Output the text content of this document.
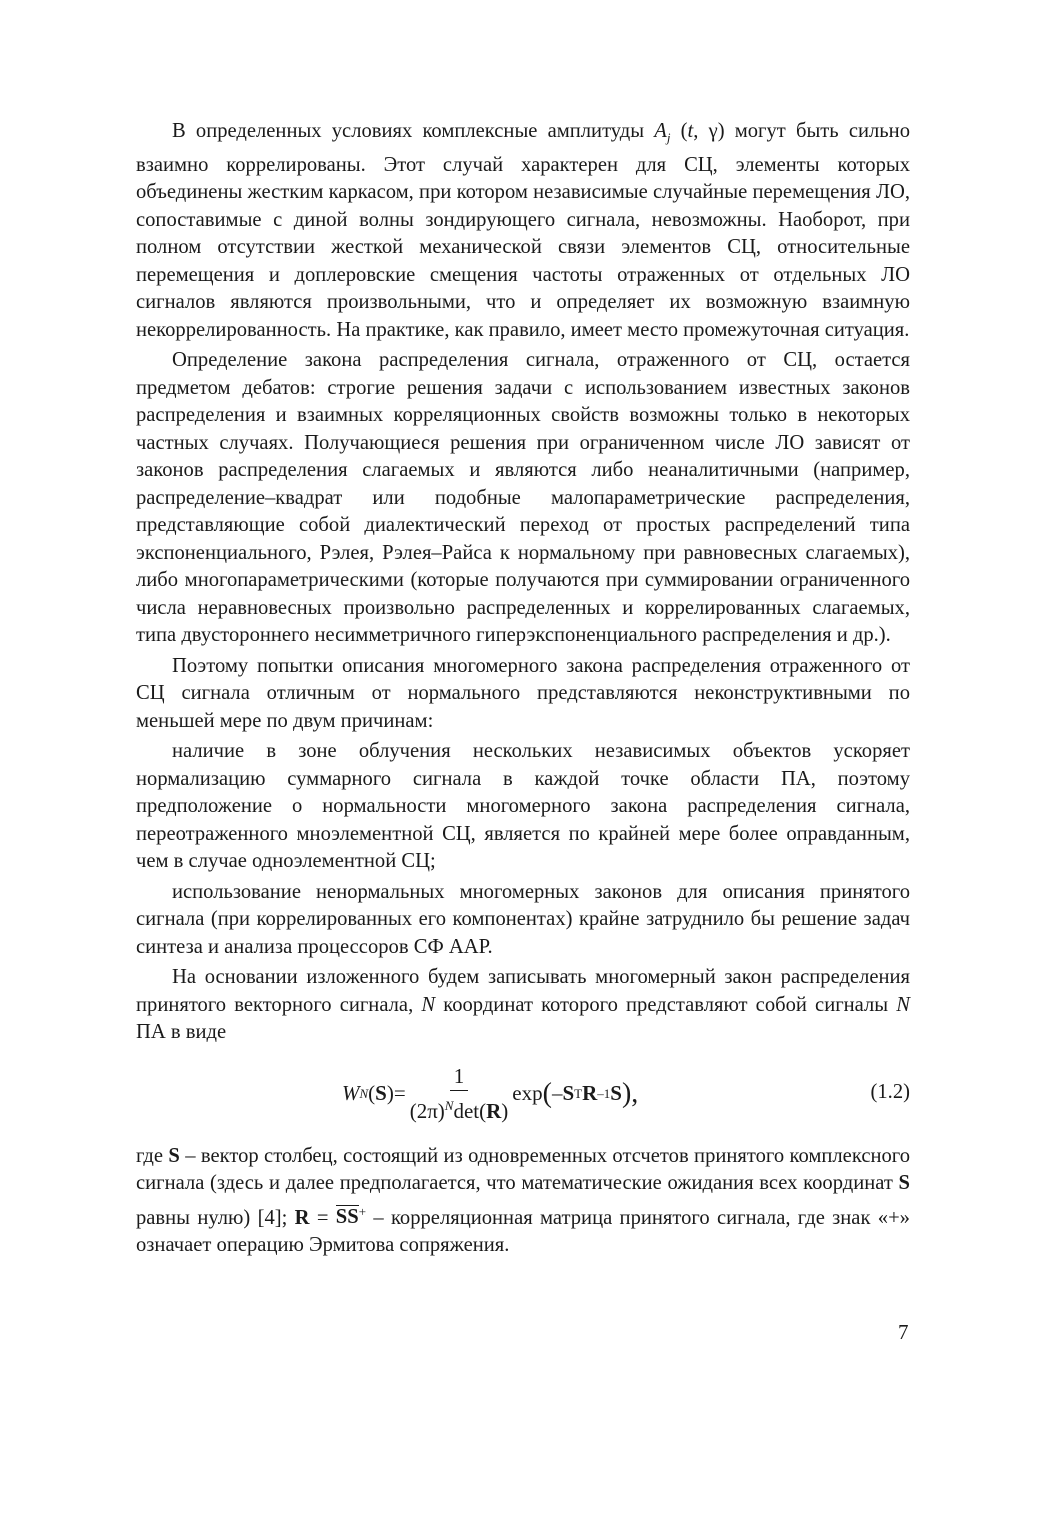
В определенных условиях комплексные амплитуды $A_j$ (t, γ) могут быть сильно взаимно коррелированы. Этот случай характерен для СЦ, элементы которых объединены жестким каркасом, при котором независимые случайные перемещения ЛО, сопоставимые с диной волны зондирующего сигнала, невозможны. Наоборот, при полном отсутствии жесткой механической связи элементов СЦ, относительные перемещения и доплеровские смещения частоты отраженных от отдельных ЛО сигналов являются произвольными, что и определяет их возможную взаимную некоррелированность. На практике, как правило, имеет место промежуточная ситуация.

Определение закона распределения сигнала, отраженного от СЦ, остается предметом дебатов: строгие решения задачи с использованием известных законов распределения и взаимных корреляционных свойств возможны только в некоторых частных случаях. Получающиеся решения при ограниченном числе ЛО зависят от законов распределения слагаемых и являются либо неаналитичными (например, распределение–квадрат или подобные малопараметрические распределения, представляющие собой диалектический переход от простых распределений типа экспоненциального, Рэлея, Рэлея–Райса к нормальному при равновесных слагаемых), либо многопараметрическими (которые получаются при суммировании ограниченного числа неравновесных произвольно распределенных и коррелированных слагаемых, типа двустороннего несимметричного гиперэкспоненциального распределения и др.).

Поэтому попытки описания многомерного закона распределения отраженного от СЦ сигнала отличным от нормального представляются неконструктивными по меньшей мере по двум причинам:

наличие в зоне облучения нескольких независимых объектов ускоряет нормализацию суммарного сигнала в каждой точке области ПА, поэтому предположение о нормальности многомерного закона распределения сигнала, переотраженного мноэлементной СЦ, является по крайней мере более оправданным, чем в случае одноэлементной СЦ;

использование ненормальных многомерных законов для описания принятого сигнала (при коррелированных его компонентах) крайне затруднило бы решение задач синтеза и анализа процессоров СФ ААР.

На основании изложенного будем записывать многомерный закон распределения принятого векторного сигнала, N координат которого представляют собой сигналы N ПА в виде

W N ( S ) = $\frac{1}{(2\pi)^N\det(R)}$ exp ( – S T R –1 S ),	(1.2)

где S – вектор столбец, состоящий из одновременных отсчетов принятого комплексного сигнала (здесь и далее предполагается, что математические ожидания всех координат S равны нулю) [4]; R = SS+ – корреляционная матрица принятого сигнала, где знак «+» означает операцию Эрмитова сопряжения.

7
